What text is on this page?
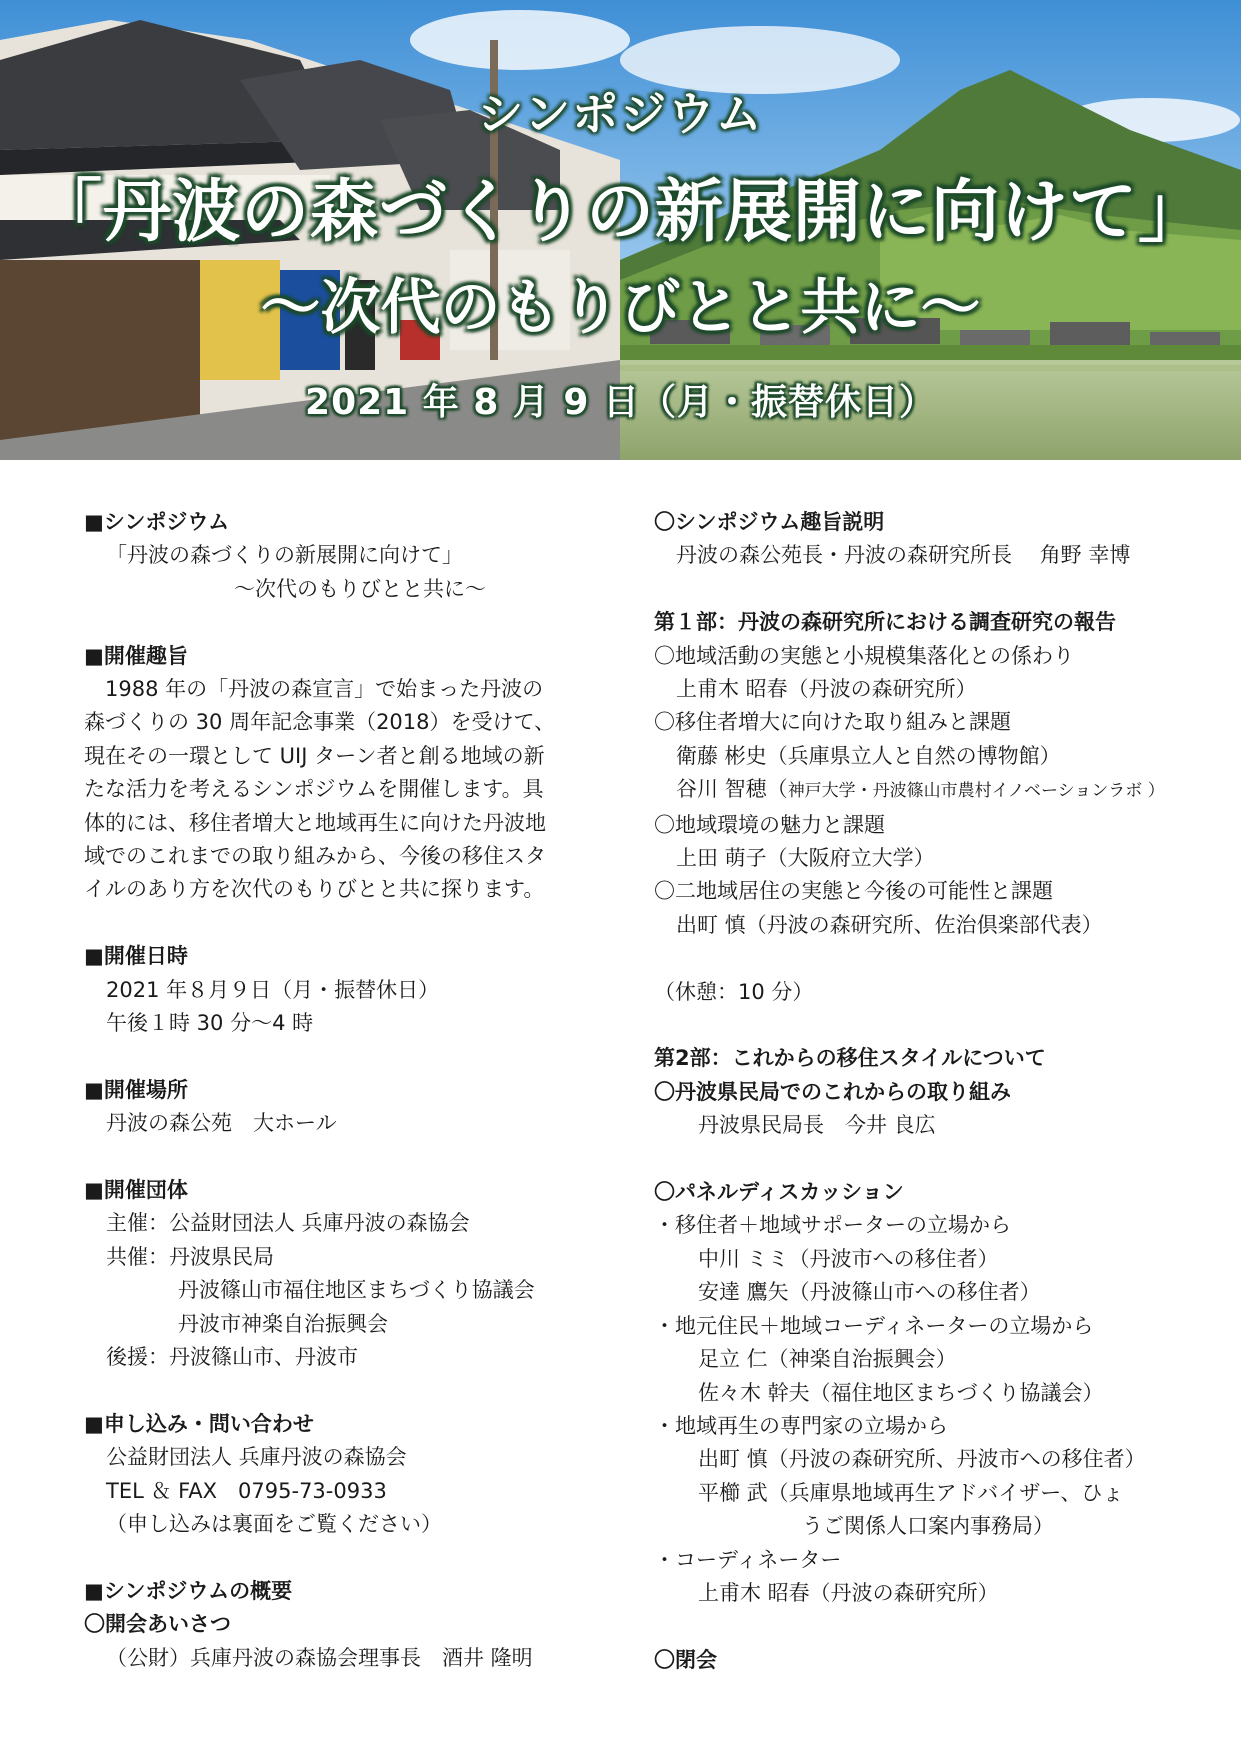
シンポジウム
「丹波の森づくりの新展開に向けて」
～次代のもりびとと共に～
2021 年 8 月 9 日（月・振替休日）
■シンポジウム
「丹波の森づくりの新展開に向けて」
～次代のもりびとと共に～
■開催趣旨
　1988 年の「丹波の森宣言」で始まった丹波の
森づくりの 30 周年記念事業（2018）を受けて、
現在その一環として UIJ ターン者と創る地域の新
たな活力を考えるシンポジウムを開催します。具
体的には、移住者増大と地域再生に向けた丹波地
域でのこれまでの取り組みから、今後の移住スタ
イルのあり方を次代のもりびとと共に探ります。
■開催日時
2021 年８月９日（月・振替休日）
午後１時 30 分～4 時
■開催場所
丹波の森公苑　大ホール
■開催団体
主催：公益財団法人 兵庫丹波の森協会
共催：丹波県民局
丹波篠山市福住地区まちづくり協議会
丹波市神楽自治振興会
後援：丹波篠山市、丹波市
■申し込み・問い合わせ
公益財団法人 兵庫丹波の森協会
TEL ＆ FAX　0795-73-0933
（申し込みは裏面をご覧ください）
■シンポジウムの概要
〇開会あいさつ
（公財）兵庫丹波の森協会理事長　酒井 隆明
〇シンポジウム趣旨説明
丹波の森公苑長・丹波の森研究所長　 角野 幸博
第１部：丹波の森研究所における調査研究の報告
〇地域活動の実態と小規模集落化との係わり
上甫木 昭春（丹波の森研究所）
〇移住者増大に向けた取り組みと課題
衛藤 彬史（兵庫県立人と自然の博物館）
谷川 智穂（神戸大学・丹波篠山市農村イノベーションラボ ）
〇地域環境の魅力と課題
上田 萌子（大阪府立大学）
〇二地域居住の実態と今後の可能性と課題
出町 慎（丹波の森研究所、佐治倶楽部代表）
（休憩：10 分）
第2部：これからの移住スタイルについて
〇丹波県民局でのこれからの取り組み
丹波県民局長　今井 良広
〇パネルディスカッション
・移住者＋地域サポーターの立場から
中川 ミミ（丹波市への移住者）
安達 鷹矢（丹波篠山市への移住者）
・地元住民＋地域コーディネーターの立場から
足立 仁（神楽自治振興会）
佐々木 幹夫（福住地区まちづくり協議会）
・地域再生の専門家の立場から
出町 慎（丹波の森研究所、丹波市への移住者）
平櫛 武（兵庫県地域再生アドバイザー、ひょ
うご関係人口案内事務局）
・コーディネーター
上甫木 昭春（丹波の森研究所）
〇閉会
